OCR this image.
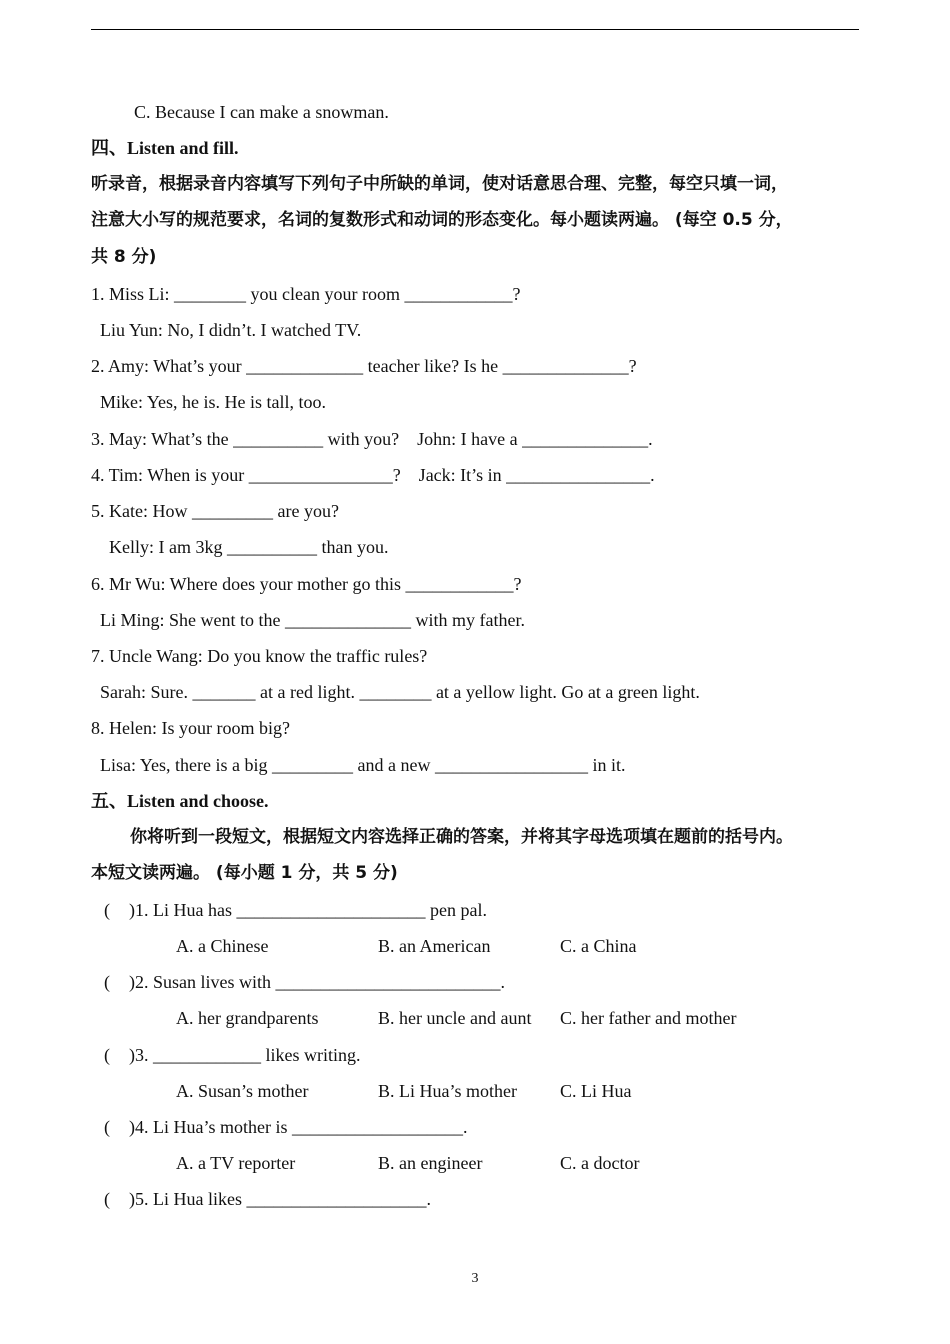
C. Because I can make a snowman.
四、Listen and fill.
听录音，根据录音内容填写下列句子中所缺的单词，使对话意思合理、完整，每空只填一词，
注意大小写的规范要求，名词的复数形式和动词的形态变化。每小题读两遍。 (每空 0.5 分，
共 8 分)
1. Miss Li: ________ you clean your room ____________?
Liu Yun: No, I didn’t. I watched TV.
2. Amy: What’s your _____________ teacher like? Is he ______________?
Mike: Yes, he is. He is tall, too.
3. May: What’s the __________ with you?    John: I have a ______________.
4. Tim: When is your ________________?    Jack: It’s in ________________.
5. Kate: How _________ are you?
Kelly: I am 3kg __________ than you.
6. Mr Wu: Where does your mother go this ____________?
Li Ming: She went to the ______________ with my father.
7. Uncle Wang: Do you know the traffic rules?
Sarah: Sure. _______ at a red light. ________ at a yellow light. Go at a green light.
8. Helen: Is your room big?
Lisa: Yes, there is a big _________ and a new _________________ in it.
五、Listen and choose.
你将听到一段短文，根据短文内容选择正确的答案，并将其字母选项填在题前的括号内。
本短文读两遍。 (每小题 1 分，共 5 分)
( )1. Li Hua has _____________________ pen pal.
A. a Chinese	B. an American	C. a China
( )2. Susan lives with _________________________.
A. her grandparents	B. her uncle and aunt C. her father and mother
( )3. ____________ likes writing.
A. Susan’s mother	B. Li Hua’s mother C. Li Hua
( )4. Li Hua’s mother is ___________________.
A. a TV reporter	B. an engineer	C. a doctor
( )5. Li Hua likes ____________________.
3
